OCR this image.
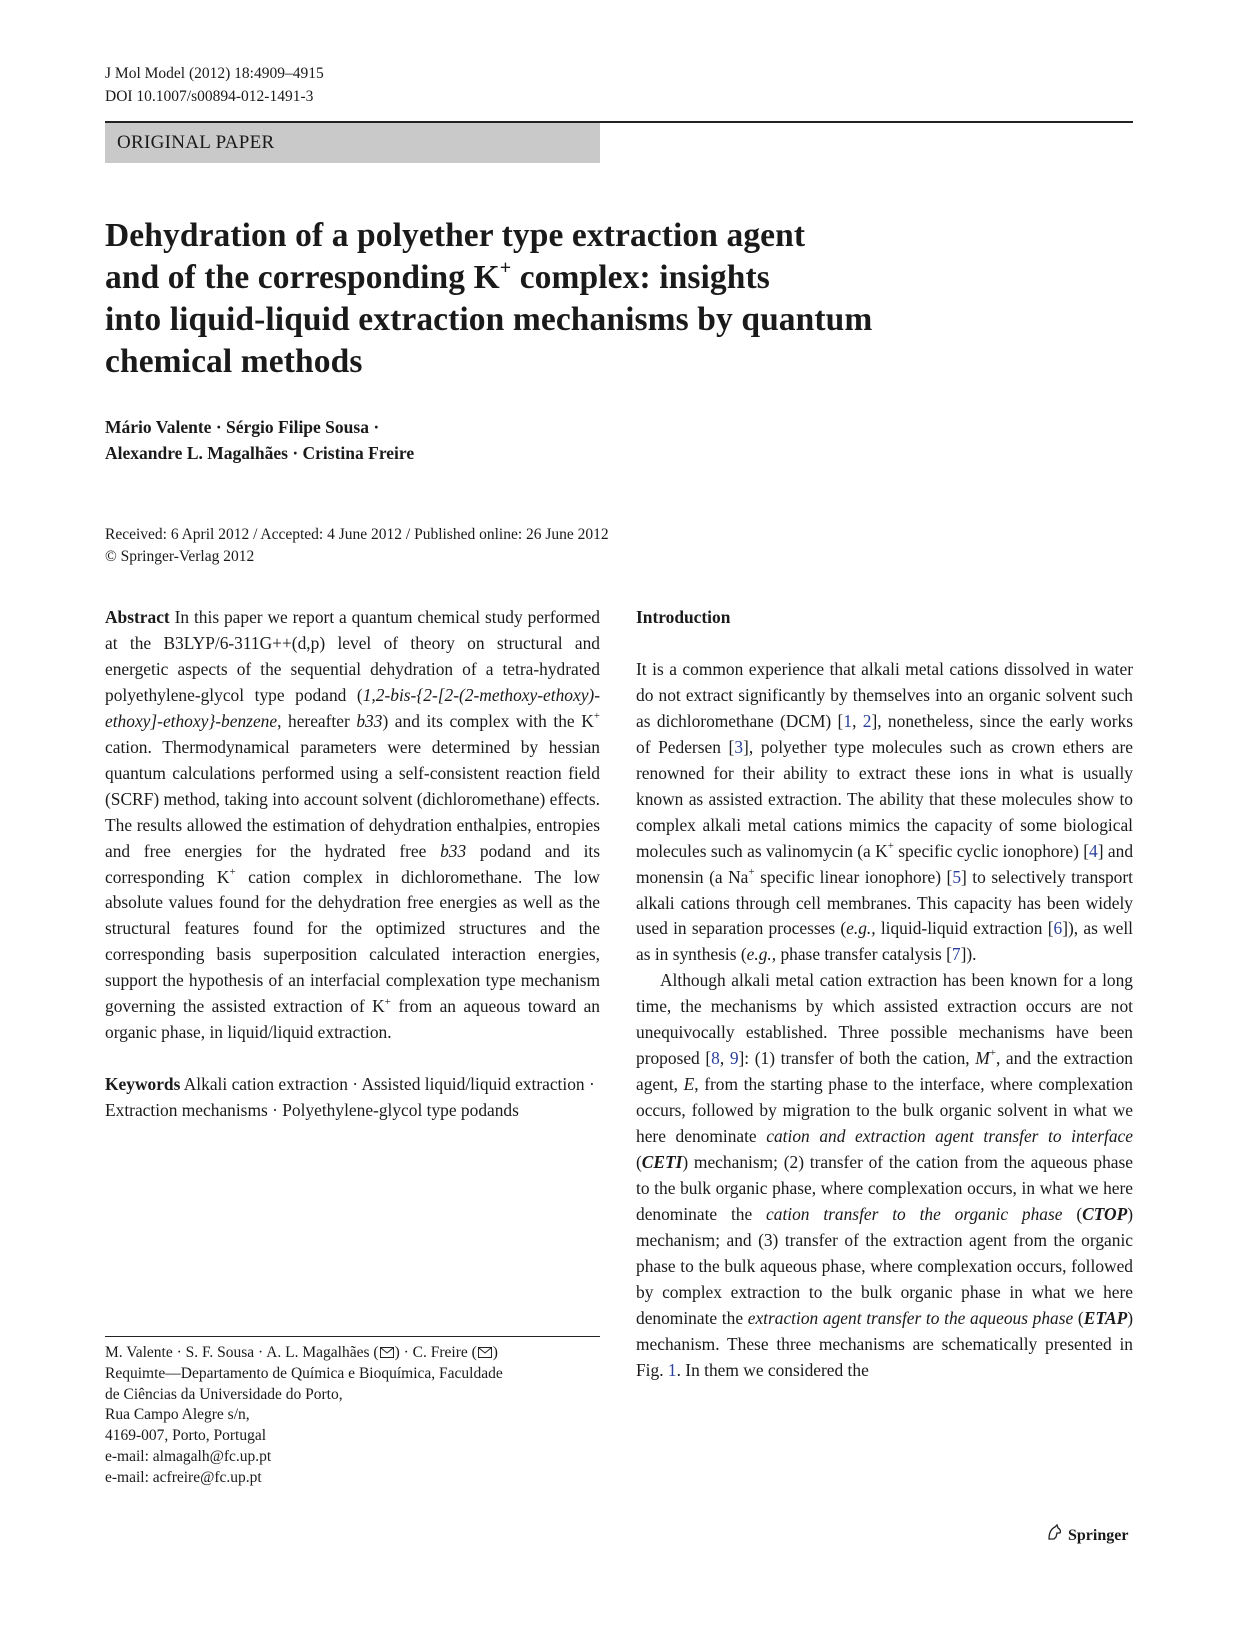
J Mol Model (2012) 18:4909–4915
DOI 10.1007/s00894-012-1491-3
ORIGINAL PAPER
Dehydration of a polyether type extraction agent
and of the corresponding K+ complex: insights
into liquid-liquid extraction mechanisms by quantum
chemical methods
Mário Valente · Sérgio Filipe Sousa ·
Alexandre L. Magalhães · Cristina Freire
Received: 6 April 2012 / Accepted: 4 June 2012 / Published online: 26 June 2012
© Springer-Verlag 2012

Abstract In this paper we report a quantum chemical study performed at the B3LYP/6-311G++(d,p) level of theory on structural and energetic aspects of the sequential dehydration of a tetra-hydrated polyethylene-glycol type podand (1,2-bis-{2-[2-(2-methoxy-ethoxy)-ethoxy]-ethoxy}-benzene, hereafter b33) and its complex with the K+ cation. Thermodynamical parameters were determined by hessian quantum calculations performed using a self-consistent reaction field (SCRF) method, taking into account solvent (dichloromethane) effects. The results allowed the estimation of dehydration enthalpies, entropies and free energies for the hydrated free b33 podand and its corresponding K+ cation complex in dichloromethane. The low absolute values found for the dehydration free energies as well as the structural features found for the optimized structures and the corresponding basis superposition calculated interaction energies, support the hypothesis of an interfacial complexation type mechanism governing the assisted extraction of K+ from an aqueous toward an organic phase, in liquid/liquid extraction.

Keywords Alkali cation extraction · Assisted liquid/liquid extraction · Extraction mechanisms · Polyethylene-glycol type podands

M. Valente · S. F. Sousa · A. L. Magalhães ( ) · C. Freire ( )
Requimte—Departamento de Química e Bioquímica, Faculdade
de Ciências da Universidade do Porto,
Rua Campo Alegre s/n,
4169-007, Porto, Portugal
e-mail: almagalh@fc.up.pt
e-mail: acfreire@fc.up.pt
Introduction

It is a common experience that alkali metal cations dissolved in water do not extract significantly by themselves into an organic solvent such as dichloromethane (DCM) [1, 2], nonetheless, since the early works of Pedersen [3], polyether type molecules such as crown ethers are renowned for their ability to extract these ions in what is usually known as assisted extraction. The ability that these molecules show to complex alkali metal cations mimics the capacity of some biological molecules such as valinomycin (a K+ specific cyclic ionophore) [4] and monensin (a Na+ specific linear ionophore) [5] to selectively transport alkali cations through cell membranes. This capacity has been widely used in separation processes (e.g., liquid-liquid extraction [6]), as well as in synthesis (e.g., phase transfer catalysis [7]).

Although alkali metal cation extraction has been known for a long time, the mechanisms by which assisted extraction occurs are not unequivocally established. Three possible mechanisms have been proposed [8, 9]: (1) transfer of both the cation, M+, and the extraction agent, E, from the starting phase to the interface, where complexation occurs, followed by migration to the bulk organic solvent in what we here denominate cation and extraction agent transfer to interface (CETI) mechanism; (2) transfer of the cation from the aqueous phase to the bulk organic phase, where complexation occurs, in what we here denominate the cation transfer to the organic phase (CTOP) mechanism; and (3) transfer of the extraction agent from the organic phase to the bulk aqueous phase, where complexation occurs, followed by complex extraction to the bulk organic phase in what we here denominate the extraction agent transfer to the aqueous phase (ETAP) mechanism. These three mechanisms are schematically presented in Fig. 1. In them we considered the

Springer
